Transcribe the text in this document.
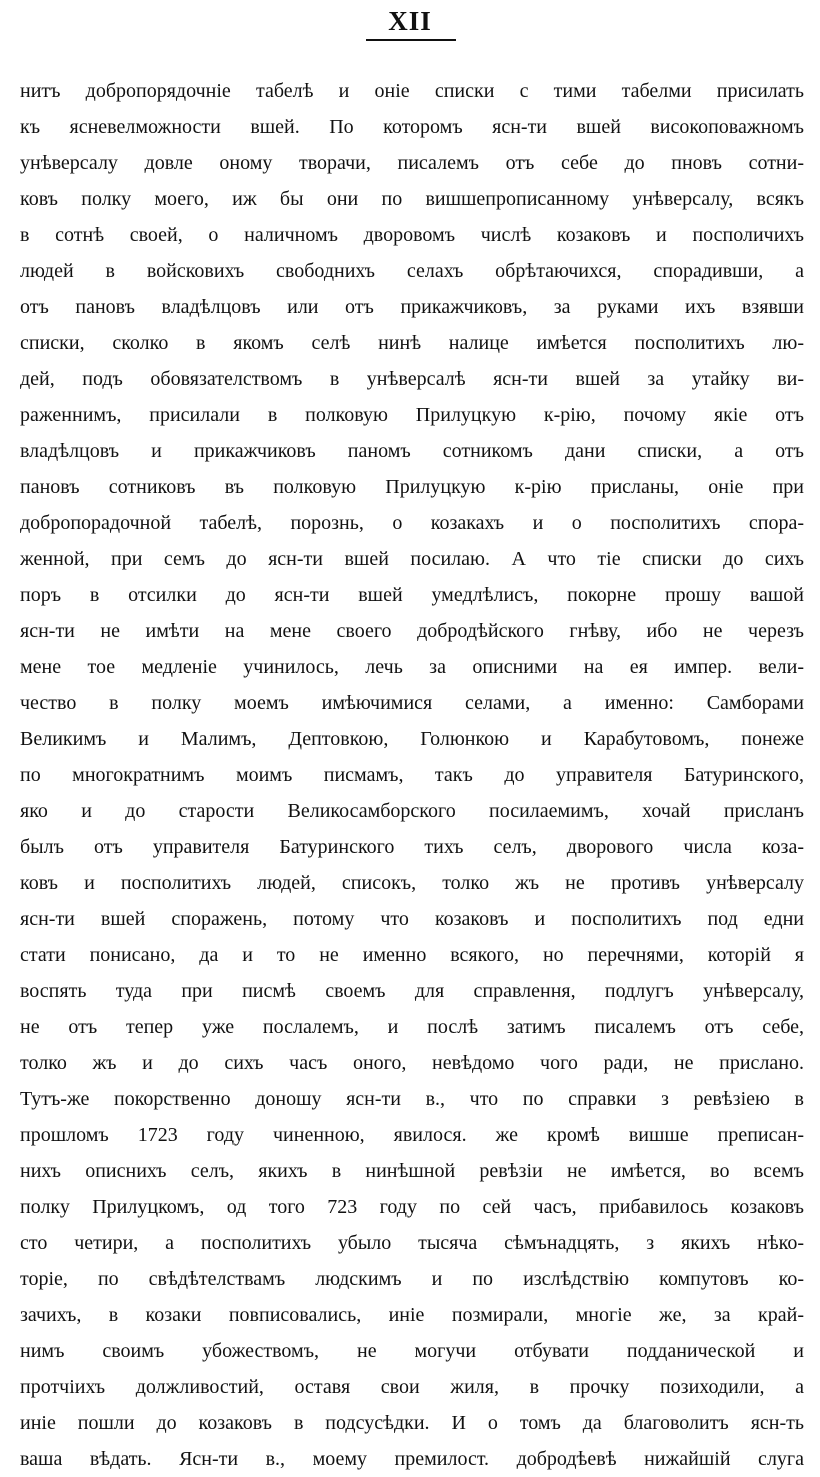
XII
нитъ добропорядочніе табелѣ и оніе списки с тими табелми присилать
къ ясневелможности вшей. По которомъ ясн-ти вшей високоповажномъ
унѣверсалу довле оному творачи, писалемъ отъ себе до пновъ сотни-
ковъ полку моего, иж бы они по вишшепрописанному унѣверсалу, всякъ
в сотнѣ своей, о наличномъ дворовомъ числѣ козаковъ и посполичихъ
людей в войсковихъ свободнихъ селахъ обрѣтаючихся, спорадивши, а
отъ пановъ владѣлцовъ или отъ прикажчиковъ, за руками ихъ взявши
списки, сколко в якомъ селѣ нинѣ налице имѣется посполитихъ лю-
дей, подъ обовязателствомъ в унѣверсалѣ ясн-ти вшей за утайку ви-
раженнимъ, присилали в полковую Прилуцкую к-рію, почому якіе отъ
владѣлцовъ и прикажчиковъ паномъ сотникомъ дани списки, а отъ
пановъ сотниковъ въ полковую Прилуцкую к-рію присланы, оніе при
добропорадочной табелѣ, порознь, о козакахъ и о посполитихъ спора-
женной, при семъ до ясн-ти вшей посилаю. А что тіе списки до сихъ
поръ в отсилки до ясн-ти вшей умедлѣлисъ, покорне прошу вашой
ясн-ти не имѣти на мене своего добродѣйского гнѣву, ибо не черезъ
мене тое медленіе учинилось, лечь за описними на ея импер. вели-
чество в полку моемъ имѣючимися селами, а именно: Самборами
Великимъ и Малимъ, Дептовкою, Голюнкою и Карабутовомъ, понеже
по многократнимъ моимъ писмамъ, такъ до управителя Батуринского,
яко и до старости Великосамборского посилаемимъ, хочай присланъ
былъ отъ управителя Батуринского тихъ селъ, дворового числа коза-
ковъ и посполитихъ людей, списокъ, толко жъ не противъ унѣверсалу
ясн-ти вшей споражень, потому что козаковъ и посполитихъ под едни
стати понисано, да и то не именно всякого, но перечнями, которій я
воспять туда при писмѣ своемъ для справлення, подлугъ унѣверсалу,
не отъ тепер уже послалемъ, и послѣ затимъ писалемъ отъ себе,
толко жъ и до сихъ часъ оного, невѣдомо чого ради, не прислано.
Тутъ-же покорственно доношу ясн-ти в., что по справки з ревѣзіею в
прошломъ 1723 году чиненною, явилося. же кромѣ вишше преписан-
нихъ описнихъ селъ, якихъ в нинѣшной ревѣзіи не имѣется, во всемъ
полку Прилуцкомъ, од того 723 году по сей часъ, прибавилось козаковъ
сто четири, а посполитихъ убыло тысяча сѣмънадцять, з якихъ нѣко-
торіе, по свѣдѣтелствамъ людскимъ и по изслѣдствію компутовъ ко-
зачихъ, в козаки повписовались, иніе позмирали, многіе же, за край-
нимъ своимъ убожествомъ, не могучи отбувати подданической и
протчіихъ должливостий, оставя свои жиля, в прочку позиходили, а
иніе пошли до козаковъ в подсусѣдки. И о томъ да благоволитъ ясн-ть
ваша вѣдать. Ясн-ти в., моему премилост. добродѣевѣ нижайшій слуга
